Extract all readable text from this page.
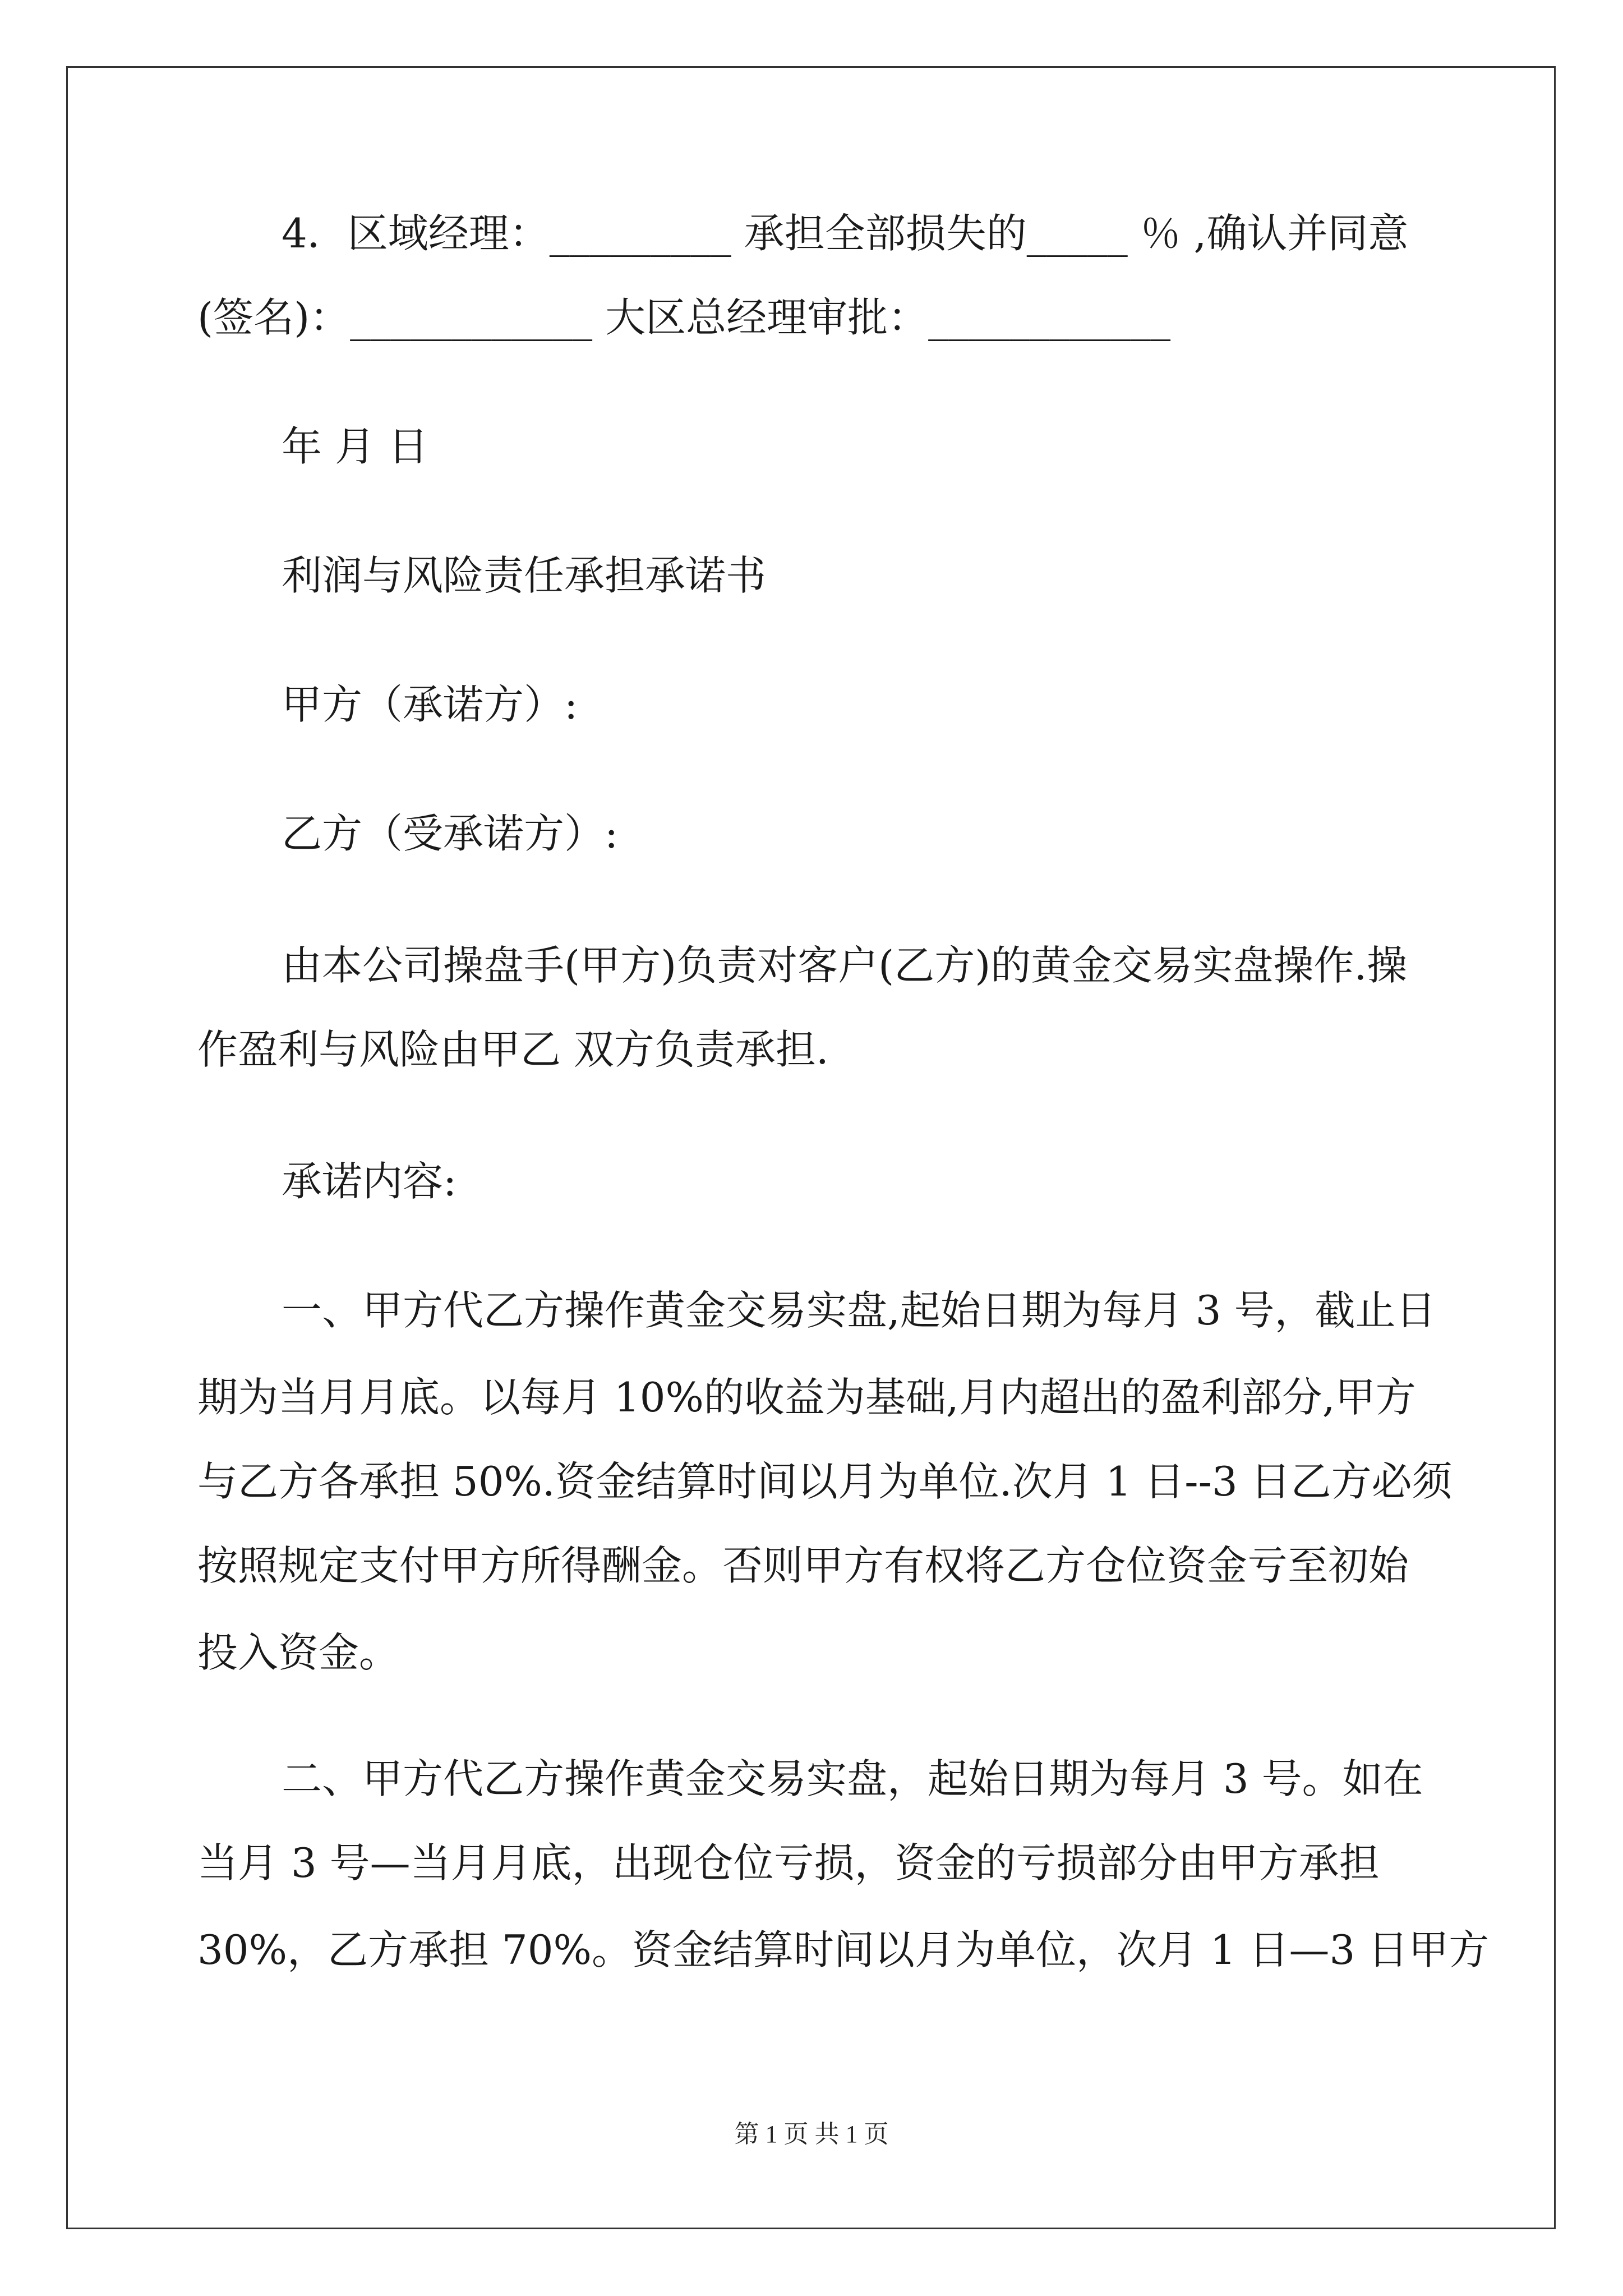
4．区域经理：_________ 承担全部损失的_____ ％ ,确认并同意
(签名)：____________ 大区总经理审批：____________
年 月 日
利润与风险责任承担承诺书
甲方（承诺方）:
乙方（受承诺方）:
由本公司操盘手(甲方)负责对客户(乙方)的黄金交易实盘操作.操
作盈利与风险由甲乙 双方负责承担.
承诺内容:
一、甲方代乙方操作黄金交易实盘,起始日期为每月 3 号，截止日
期为当月月底。以每月 10%的收益为基础,月内超出的盈利部分,甲方
与乙方各承担 50%.资金结算时间以月为单位.次月 1 日--3 日乙方必须
按照规定支付甲方所得酬金。否则甲方有权将乙方仓位资金亏至初始
投入资金。
二、甲方代乙方操作黄金交易实盘，起始日期为每月 3 号。如在
当月 3 号—当月月底，出现仓位亏损，资金的亏损部分由甲方承担
30%，乙方承担 70%。资金结算时间以月为单位，次月 1 日—3 日甲方
第 1 页 共 1 页
